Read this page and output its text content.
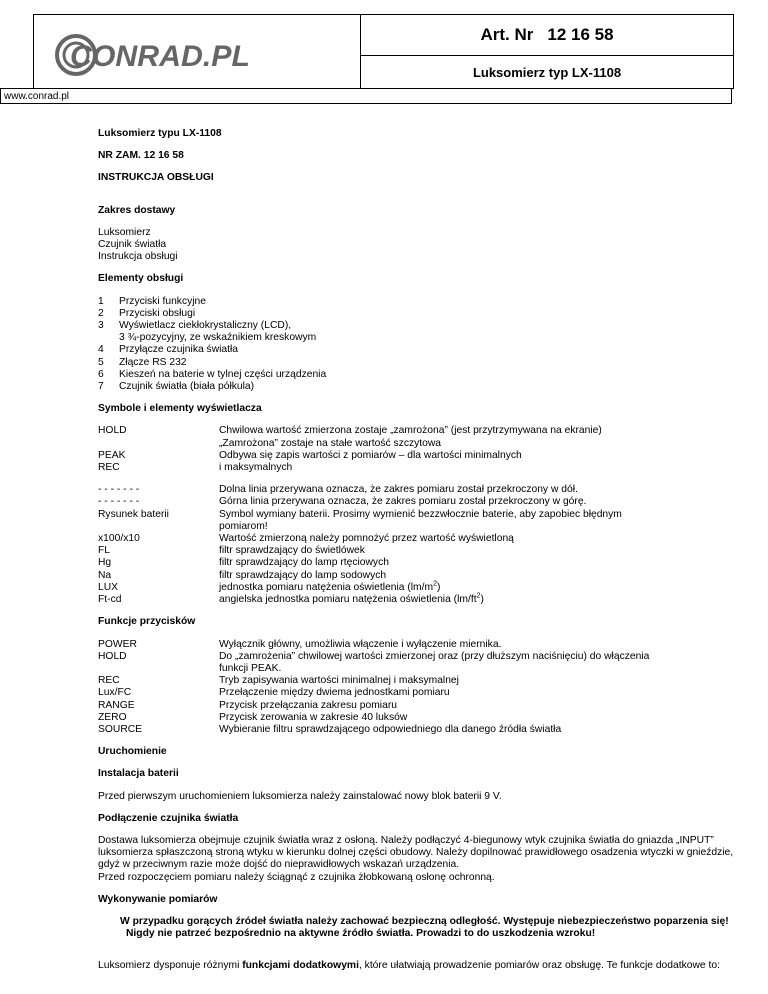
CONRAD.PL
Art. Nr 12 16 58
Luksomierz typ LX-1108
www.conrad.pl

Luksomierz typu LX-1108

NR ZAM. 12 16 58

INSTRUKCJA OBSŁUGI

Zakres dostawy

Luksomierz

Czujnik światła

Instrukcja obsługi

Elementy obsługi

1	Przyciski funkcyjne
2	Przyciski obsługi
3	Wyświetlacz ciekłokrystaliczny (LCD),
3 ¾-pozycyjny, ze wskaźnikiem kreskowym
4	Przyłącze czujnika światła
5	Złącze RS 232
6	Kieszeń na baterie w tylnej części urządzenia
7	Czujnik światła (biała półkula)

Symbole i elementy wyświetlacza

HOLD	Chwilowa wartość zmierzona zostaje „zamrożona” (jest przytrzymywana na ekranie)
„Zamrożona” zostaje na stałe wartość szczytowa
PEAK	Odbywa się zapis wartości z pomiarów – dla wartości minimalnych
REC	i maksymalnych
- - - - - - -	Dolna linia przerywana oznacza, że zakres pomiaru został przekroczony w dół.
- - - - - - -	Górna linia przerywana oznacza, że zakres pomiaru został przekroczony w górę.
Rysunek baterii	Symbol wymiany baterii. Prosimy wymienić bezzwłocznie baterie, aby zapobiec błędnym
pomiarom!
x100/x10	Wartość zmierzoną należy pomnożyć przez wartość wyświetloną
FL	filtr sprawdzający do świetlówek
Hg	filtr sprawdzający do lamp rtęciowych
Na	filtr sprawdzający do lamp sodowych
LUX	jednostka pomiaru natężenia oświetlenia $(lm/m^2)$
Ft-cd	angielska jednostka pomiaru natężenia oświetlenia $(lm/ft^2)$

Funkcje przycisków

POWER	Wyłącznik główny, umożliwia włączenie i wyłączenie miernika.
HOLD	Do „zamrożenia” chwilowej wartości zmierzonej oraz (przy dłuższym naciśnięciu) do włączenia
funkcji PEAK.
REC	Tryb zapisywania wartości minimalnej i maksymalnej
Lux/FC	Przełączenie między dwiema jednostkami pomiaru
RANGE	Przycisk przełączania zakresu pomiaru
ZERO	Przycisk zerowania w zakresie 40 luksów
SOURCE	Wybieranie filtru sprawdzającego odpowiedniego dla danego źródła światła

Uruchomienie

Instalacja baterii

Przed pierwszym uruchomieniem luksomierza należy zainstalować nowy blok baterii 9 V.

Podłączenie czujnika światła

Dostawa luksomierza obejmuje czujnik światła wraz z osłoną. Należy podłączyć 4-biegunowy wtyk czujnika światła do gniazda „INPUT”

luksomierza spłaszczoną stroną wtyku w kierunku dolnej części obudowy. Należy dopilnować prawidłowego osadzenia wtyczki w gnieździe,

gdyż w przeciwnym razie może dojść do nieprawidłowych wskazań urządzenia.

Przed rozpoczęciem pomiaru należy ściągnąć z czujnika żłobkowaną osłonę ochronną.

Wykonywanie pomiarów

W przypadku gorących źródeł światła należy zachować bezpieczną odległość. Występuje niebezpieczeństwo poparzenia się!

Nigdy nie patrzeć bezpośrednio na aktywne źródło światła. Prowadzi to do uszkodzenia wzroku!

Luksomierz dysponuje różnymi funkcjami dodatkowymi, które ułatwiają prowadzenie pomiarów oraz obsługę. Te funkcje dodatkowe to:
